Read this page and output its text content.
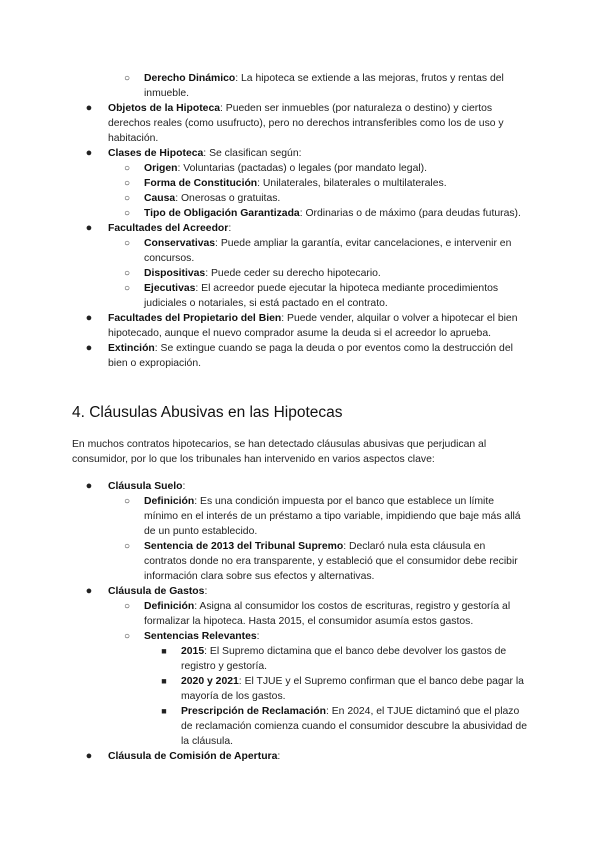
○	Derecho Dinámico: La hipoteca se extiende a las mejoras, frutos y rentas del inmueble.
●	Objetos de la Hipoteca: Pueden ser inmuebles (por naturaleza o destino) y ciertos derechos reales (como usufructo), pero no derechos intransferibles como los de uso y habitación.
●	Clases de Hipoteca: Se clasifican según:
○	Origen: Voluntarias (pactadas) o legales (por mandato legal).
○	Forma de Constitución: Unilaterales, bilaterales o multilaterales.
○	Causa: Onerosas o gratuitas.
○	Tipo de Obligación Garantizada: Ordinarias o de máximo (para deudas futuras).
●	Facultades del Acreedor:
○	Conservativas: Puede ampliar la garantía, evitar cancelaciones, e intervenir en concursos.
○	Dispositivas: Puede ceder su derecho hipotecario.
○	Ejecutivas: El acreedor puede ejecutar la hipoteca mediante procedimientos judiciales o notariales, si está pactado en el contrato.
●	Facultades del Propietario del Bien: Puede vender, alquilar o volver a hipotecar el bien hipotecado, aunque el nuevo comprador asume la deuda si el acreedor lo aprueba.
●	Extinción: Se extingue cuando se paga la deuda o por eventos como la destrucción del bien o expropiación.
4. Cláusulas Abusivas en las Hipotecas

En muchos contratos hipotecarios, se han detectado cláusulas abusivas que perjudican al consumidor, por lo que los tribunales han intervenido en varios aspectos clave:

●	Cláusula Suelo:
○	Definición: Es una condición impuesta por el banco que establece un límite mínimo en el interés de un préstamo a tipo variable, impidiendo que baje más allá de un punto establecido.
○	Sentencia de 2013 del Tribunal Supremo: Declaró nula esta cláusula en contratos donde no era transparente, y estableció que el consumidor debe recibir información clara sobre sus efectos y alternativas.
●	Cláusula de Gastos:
○	Definición: Asigna al consumidor los costos de escrituras, registro y gestoría al formalizar la hipoteca. Hasta 2015, el consumidor asumía estos gastos.
○	Sentencias Relevantes:
■	2015: El Supremo dictamina que el banco debe devolver los gastos de registro y gestoría.
■	2020 y 2021: El TJUE y el Supremo confirman que el banco debe pagar la mayoría de los gastos.
■	Prescripción de Reclamación: En 2024, el TJUE dictaminó que el plazo de reclamación comienza cuando el consumidor descubre la abusividad de la cláusula.
●	Cláusula de Comisión de Apertura:
